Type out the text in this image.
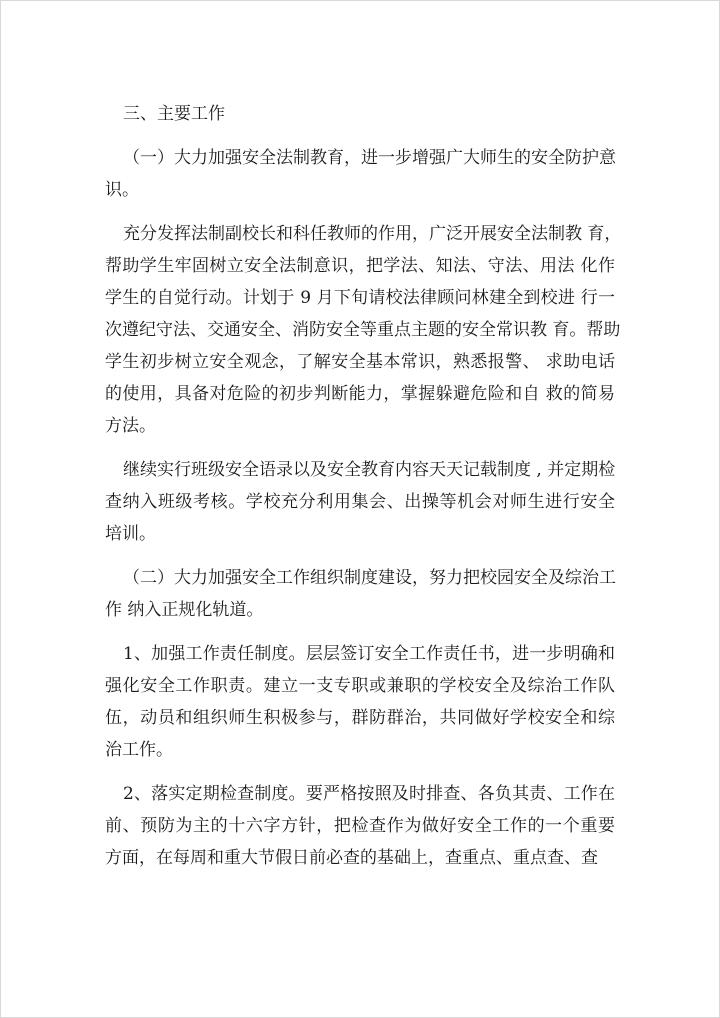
三、主要工作
（一）大力加强安全法制教育，进一步增强广大师生的安全防护意
识。
充分发挥法制副校长和科任教师的作用，广泛开展安全法制教 育，
帮助学生牢固树立安全法制意识，把学法、知法、守法、用法 化作
学生的自觉行动。计划于 9 月下旬请校法律顾问林建全到校进 行一
次遵纪守法、交通安全、消防安全等重点主题的安全常识教 育。帮助
学生初步树立安全观念，了解安全基本常识，熟悉报警、 求助电话
的使用，具备对危险的初步判断能力，掌握躲避危险和自 救的简易
方法。
继续实行班级安全语录以及安全教育内容天天记载制度 , 并定期检
查纳入班级考核。学校充分利用集会、出操等机会对师生进行安全
培训。
（二）大力加强安全工作组织制度建设，努力把校园安全及综治工
作 纳入正规化轨道。
1、加强工作责任制度。层层签订安全工作责任书，进一步明确和
强化安全工作职责。建立一支专职或兼职的学校安全及综治工作队
伍，动员和组织师生积极参与，群防群治，共同做好学校安全和综
治工作。
2、落实定期检查制度。要严格按照及时排查、各负其责、工作在
前、预防为主的十六字方针，把检查作为做好安全工作的一个重要
方面，在每周和重大节假日前必查的基础上，查重点、重点查、查
